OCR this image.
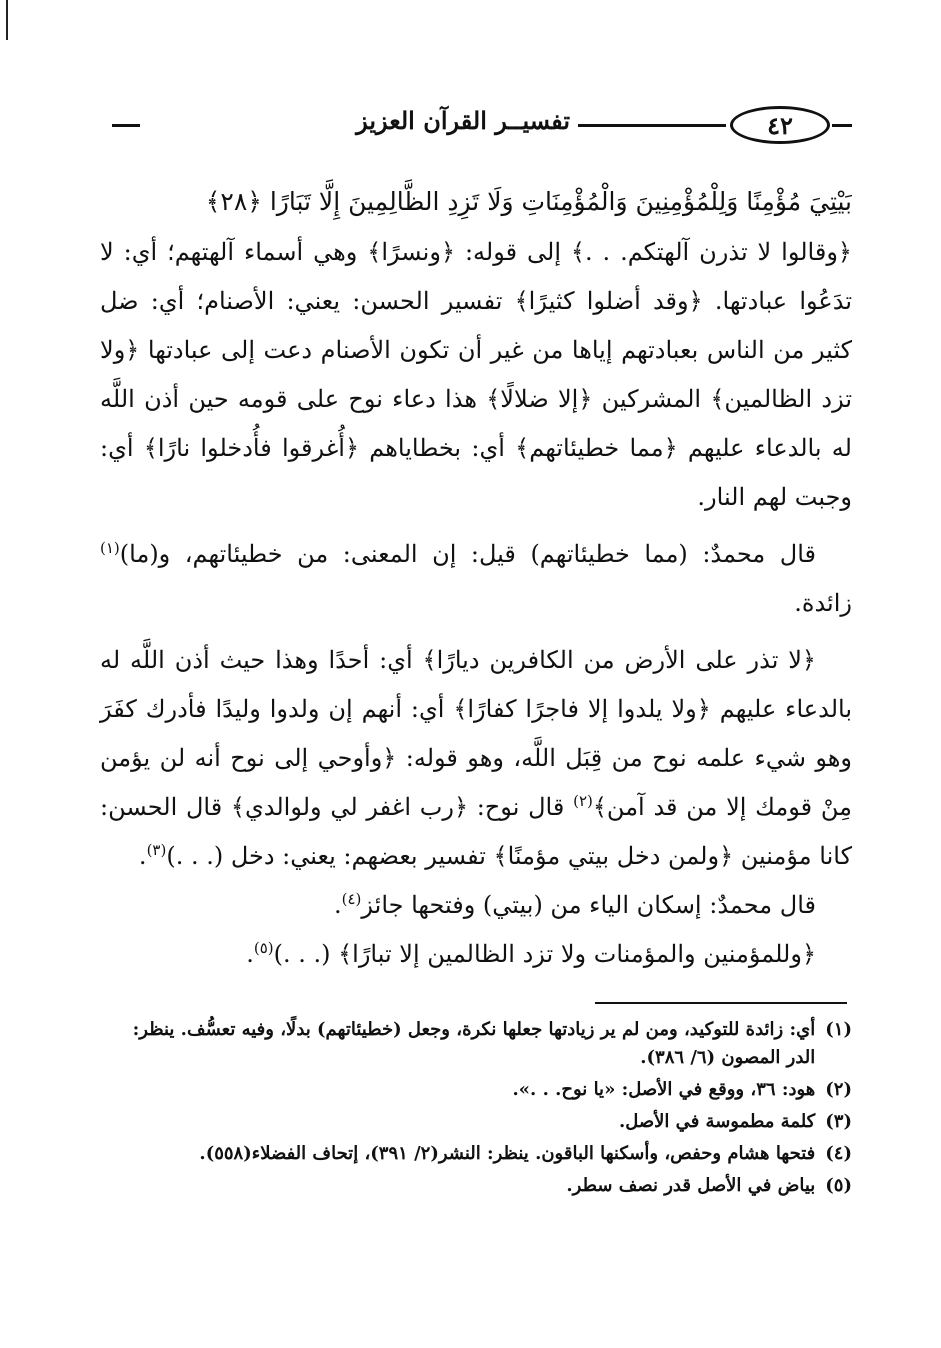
٤٢
تفسيــر القرآن العزيز

بَيْتِيَ مُؤْمِنًا وَلِلْمُؤْمِنِينَ وَالْمُؤْمِنَاتِ وَلَا تَزِدِ الظَّالِمِينَ إِلَّا تَبَارًا ﴿٢٨﴾

﴿وقالوا لا تذرن آلهتكم. . .﴾ إلى قوله: ﴿ونسرًا﴾ وهي أسماء آلهتهم؛ أي: لا تدَعُوا عبادتها. ﴿وقد أضلوا كثيرًا﴾ تفسير الحسن: يعني: الأصنام؛ أي: ضل كثير من الناس بعبادتهم إياها من غير أن تكون الأصنام دعت إلى عبادتها ﴿ولا تزد الظالمين﴾ المشركين ﴿إلا ضلالًا﴾ هذا دعاء نوح على قومه حين أذن اللَّه له بالدعاء عليهم ﴿مما خطيئاتهم﴾ أي: بخطاياهم ﴿أُغرقوا فأُدخلوا نارًا﴾ أي: وجبت لهم النار.

قال محمدٌ: (مما خطيئاتهم) قيل: إن المعنى: من خطيئاتهم، و(ما)$^{(١)}$ زائدة.

﴿لا تذر على الأرض من الكافرين ديارًا﴾ أي: أحدًا وهذا حيث أذن اللَّه له بالدعاء عليهم ﴿ولا يلدوا إلا فاجرًا كفارًا﴾ أي: أنهم إن ولدوا وليدًا فأدرك كفَرَ وهو شيء علمه نوح من قِبَل اللَّه، وهو قوله: ﴿وأوحي إلى نوح أنه لن يؤمن مِنْ قومك إلا من قد آمن﴾$^{(٢)}$ قال نوح: ﴿رب اغفر لي ولوالدي﴾ قال الحسن: كانا مؤمنين ﴿ولمن دخل بيتي مؤمنًا﴾ تفسير بعضهم: يعني: دخل (. . .)$^{(٣)}$.

قال محمدٌ: إسكان الياء من (بيتي) وفتحها جائز$^{(٤)}$.

﴿وللمؤمنين والمؤمنات ولا تزد الظالمين إلا تبارًا﴾ (. . .)$^{(٥)}$.

(١)
أي: زائدة للتوكيد، ومن لم ير زيادتها جعلها نكرة، وجعل (خطيئاتهم) بدلًا، وفيه تعسُّف. ينظر: الدر المصون (٦/ ٣٨٦).
(٢)
هود: ٣٦، ووقع في الأصل: «يا نوح. . .».
(٣)
كلمة مطموسة في الأصل.
(٤)
فتحها هشام وحفص، وأسكنها الباقون. ينظر: النشر(٢/ ٣٩١)، إتحاف الفضلاء(٥٥٨).
(٥)
بياض في الأصل قدر نصف سطر.
